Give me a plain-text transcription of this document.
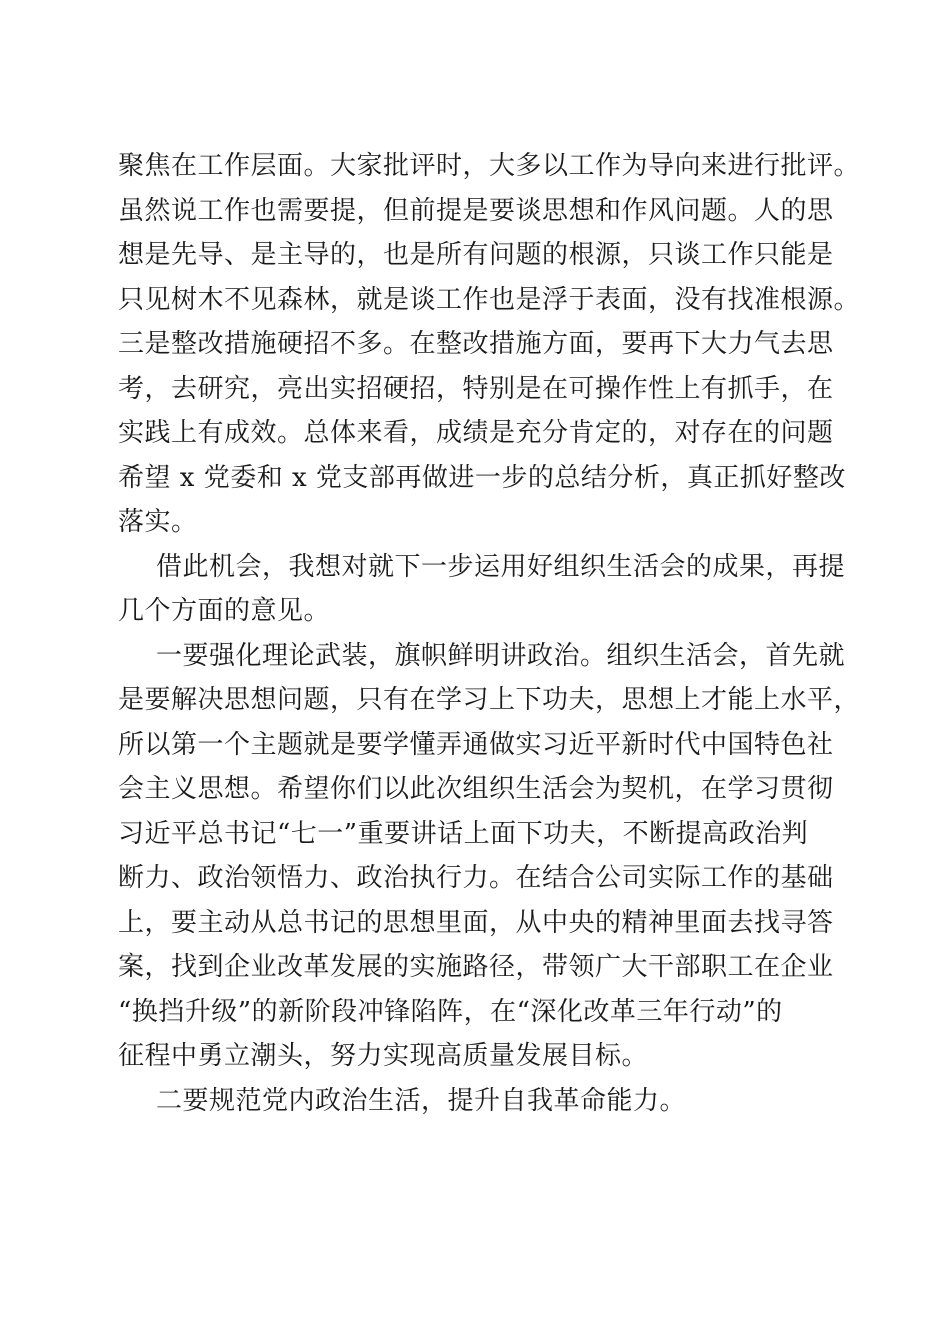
聚焦在工作层面。大家批评时，大多以工作为导向来进行批评。
虽然说工作也需要提，但前提是要谈思想和作风问题。人的思
想是先导、是主导的，也是所有问题的根源，只谈工作只能是
只见树木不见森林，就是谈工作也是浮于表面，没有找准根源。
三是整改措施硬招不多。在整改措施方面，要再下大力气去思
考，去研究，亮出实招硬招，特别是在可操作性上有抓手，在
实践上有成效。总体来看，成绩是充分肯定的，对存在的问题
希望 x 党委和 x 党支部再做进一步的总结分析，真正抓好整改
落实。
借此机会，我想对就下一步运用好组织生活会的成果，再提
几个方面的意见。
一要强化理论武装，旗帜鲜明讲政治。组织生活会，首先就
是要解决思想问题，只有在学习上下功夫，思想上才能上水平，
所以第一个主题就是要学懂弄通做实习近平新时代中国特色社
会主义思想。希望你们以此次组织生活会为契机，在学习贯彻
习近平总书记“七一”重要讲话上面下功夫，不断提高政治判
断力、政治领悟力、政治执行力。在结合公司实际工作的基础
上，要主动从总书记的思想里面，从中央的精神里面去找寻答
案，找到企业改革发展的实施路径，带领广大干部职工在企业
“换挡升级”的新阶段冲锋陷阵，在“深化改革三年行动”的
征程中勇立潮头，努力实现高质量发展目标。
二要规范党内政治生活，提升自我革命能力。
